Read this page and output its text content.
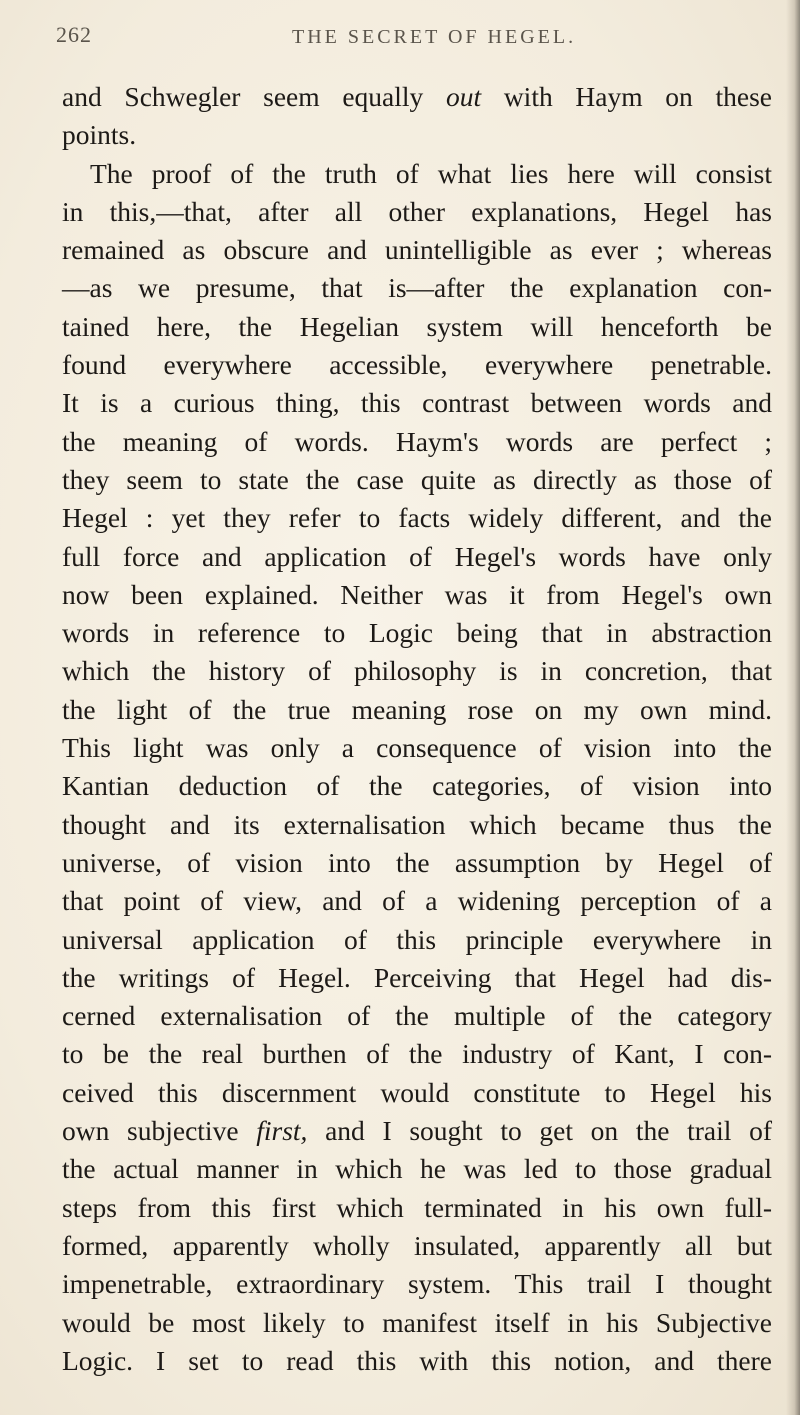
262	THE SECRET OF HEGEL.
and Schwegler seem equally out with Haym on these
points.
The proof of the truth of what lies here will consist
in this,—that, after all other explanations, Hegel has
remained as obscure and unintelligible as ever ; whereas
—as we presume, that is—after the explanation con-
tained here, the Hegelian system will henceforth be
found everywhere accessible, everywhere penetrable.
It is a curious thing, this contrast between words and
the meaning of words. Haym's words are perfect ;
they seem to state the case quite as directly as those of
Hegel : yet they refer to facts widely different, and the
full force and application of Hegel's words have only
now been explained. Neither was it from Hegel's own
words in reference to Logic being that in abstraction
which the history of philosophy is in concretion, that
the light of the true meaning rose on my own mind.
This light was only a consequence of vision into the
Kantian deduction of the categories, of vision into
thought and its externalisation which became thus the
universe, of vision into the assumption by Hegel of
that point of view, and of a widening perception of a
universal application of this principle everywhere in
the writings of Hegel. Perceiving that Hegel had dis-
cerned externalisation of the multiple of the category
to be the real burthen of the industry of Kant, I con-
ceived this discernment would constitute to Hegel his
own subjective first, and I sought to get on the trail of
the actual manner in which he was led to those gradual
steps from this first which terminated in his own full-
formed, apparently wholly insulated, apparently all but
impenetrable, extraordinary system. This trail I thought
would be most likely to manifest itself in his Subjective
Logic. I set to read this with this notion, and there
